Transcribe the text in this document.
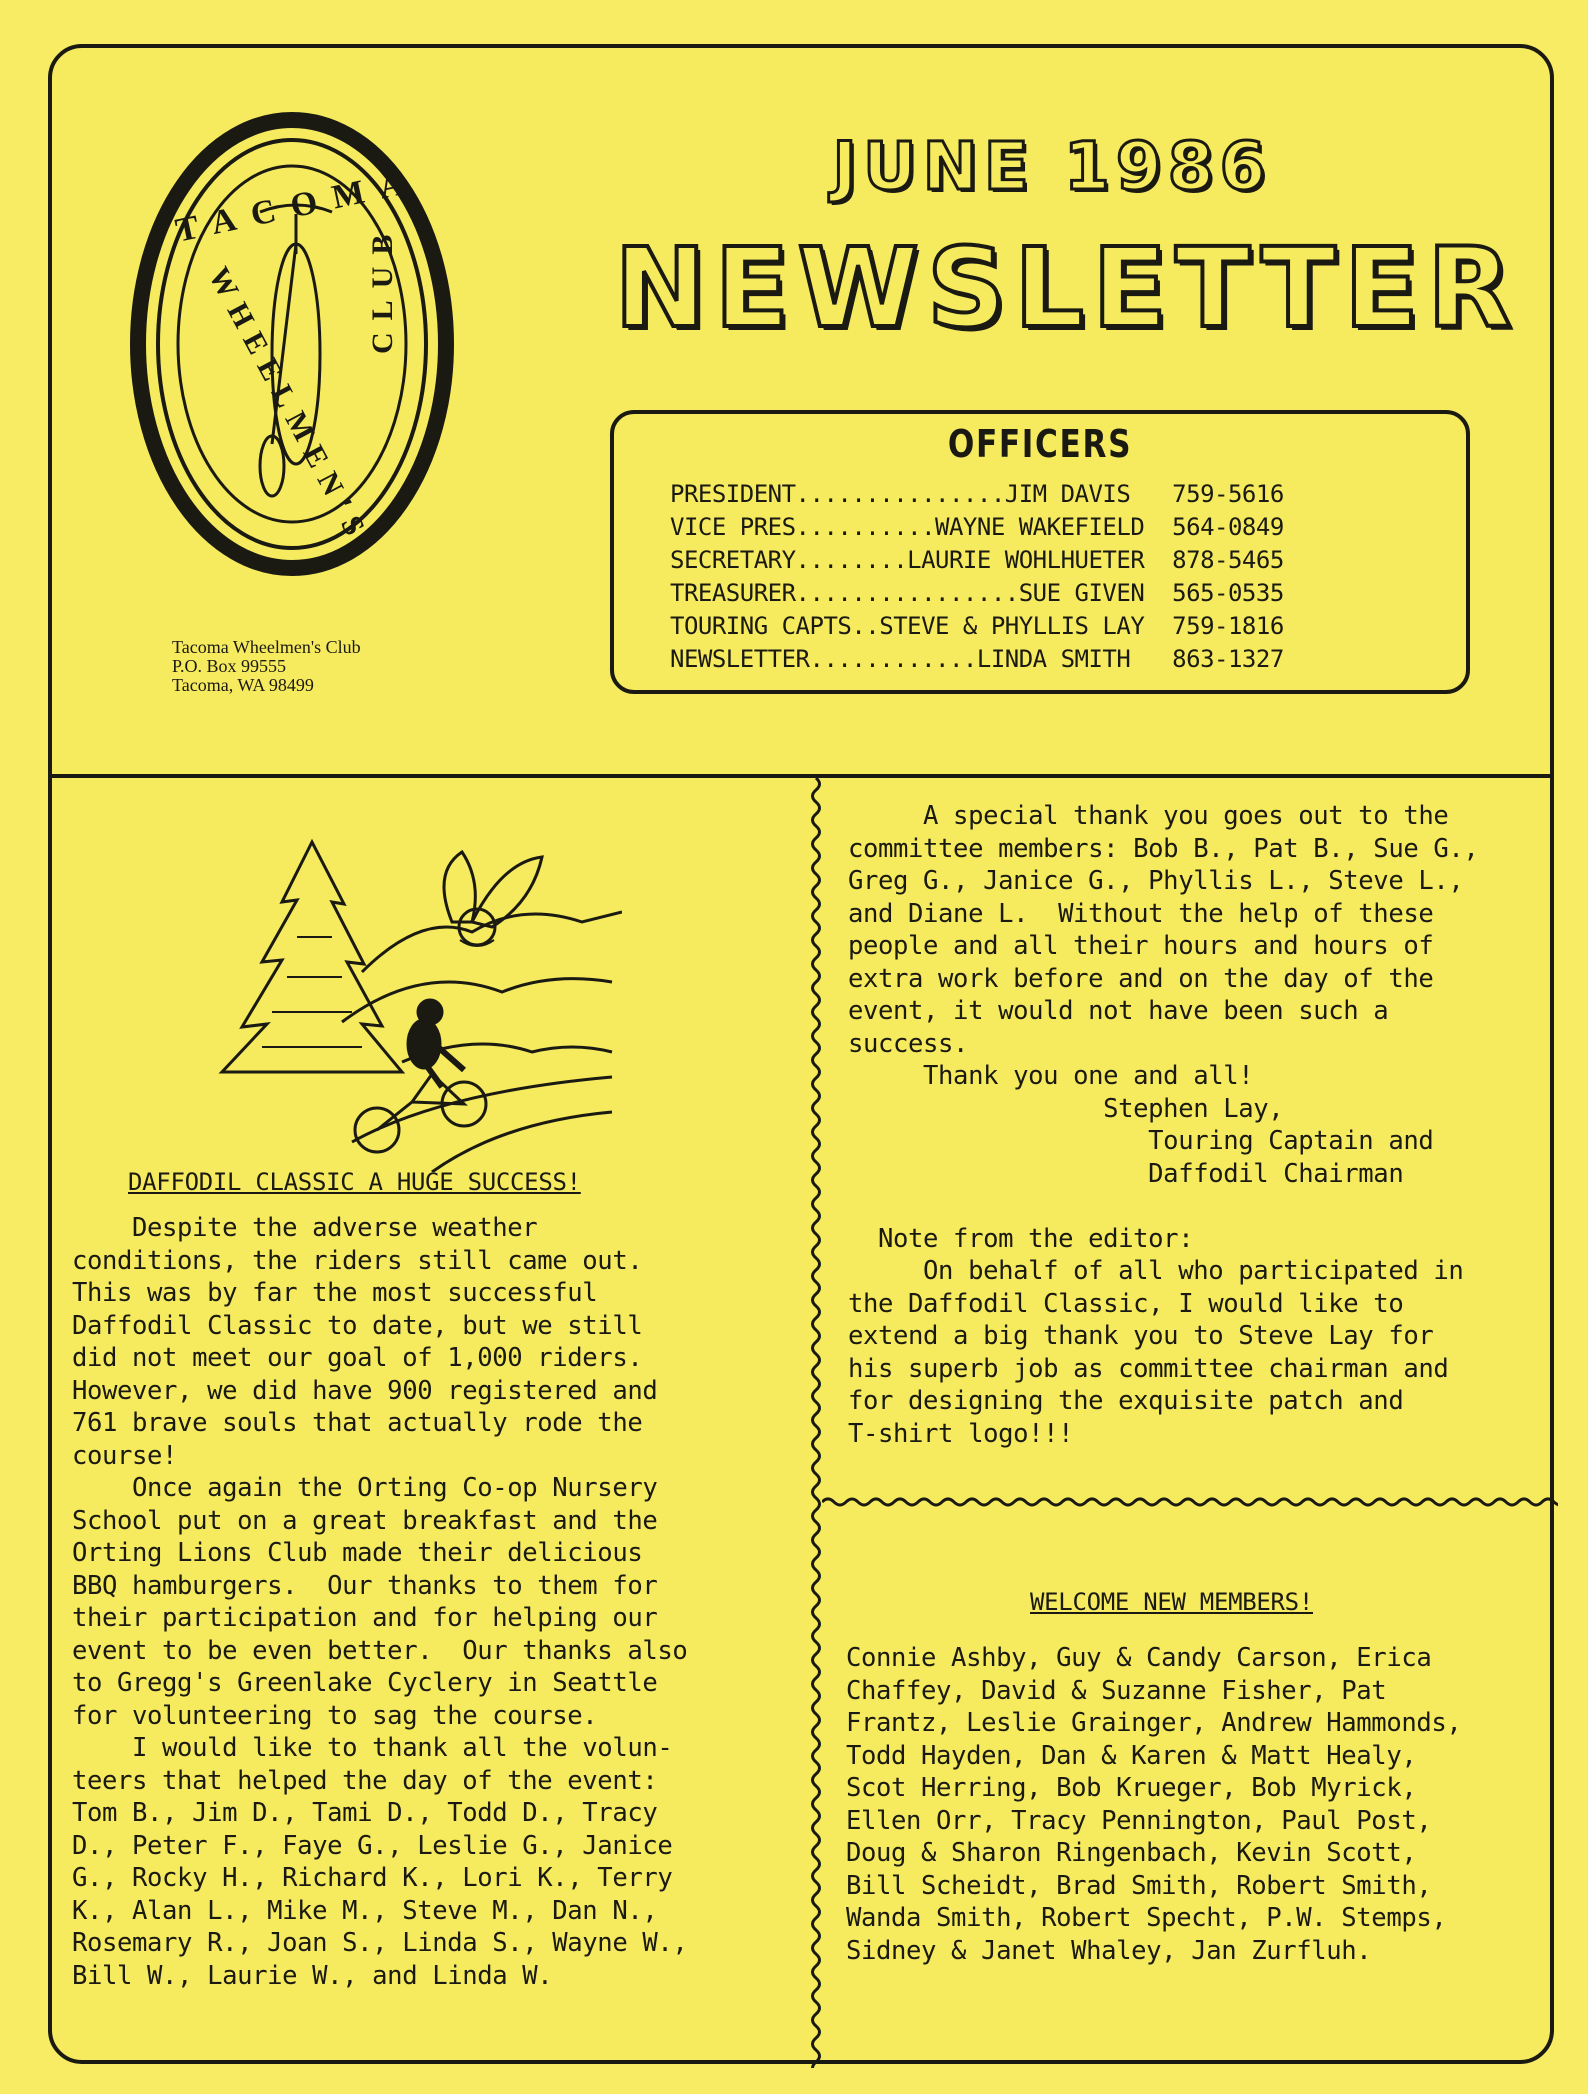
TACOMA
WHEELMEN'S
CLUB
Tacoma Wheelmen's Club
P.O. Box 99555
Tacoma, WA 98499
JUNE 1986
NEWSLETTER
OFFICERS
PRESIDENT...............JIM DAVIS   759-5616
VICE PRES..........WAYNE WAKEFIELD  564-0849
SECRETARY........LAURIE WOHLHUETER  878-5465
TREASURER................SUE GIVEN  565-0535
TOURING CAPTS..STEVE & PHYLLIS LAY  759-1816
NEWSLETTER............LINDA SMITH   863-1327
DAFFODIL CLASSIC A HUGE SUCCESS!
Despite the adverse weather
conditions, the riders still came out.
This was by far the most successful
Daffodil Classic to date, but we still
did not meet our goal of 1,000 riders.
However, we did have 900 registered and
761 brave souls that actually rode the
course!
Once again the Orting Co-op Nursery
School put on a great breakfast and the
Orting Lions Club made their delicious
BBQ hamburgers.  Our thanks to them for
their participation and for helping our
event to be even better.  Our thanks also
to Gregg's Greenlake Cyclery in Seattle
for volunteering to sag the course.
I would like to thank all the volun-
teers that helped the day of the event:
Tom B., Jim D., Tami D., Todd D., Tracy
D., Peter F., Faye G., Leslie G., Janice
G., Rocky H., Richard K., Lori K., Terry
K., Alan L., Mike M., Steve M., Dan N.,
Rosemary R., Joan S., Linda S., Wayne W.,
Bill W., Laurie W., and Linda W.
A special thank you goes out to the
committee members: Bob B., Pat B., Sue G.,
Greg G., Janice G., Phyllis L., Steve L.,
and Diane L.  Without the help of these
people and all their hours and hours of
extra work before and on the day of the
event, it would not have been such a
success.
Thank you one and all!
Stephen Lay,
Touring Captain and
Daffodil Chairman
Note from the editor:
On behalf of all who participated in
the Daffodil Classic, I would like to
extend a big thank you to Steve Lay for
his superb job as committee chairman and
for designing the exquisite patch and
T-shirt logo!!!
WELCOME NEW MEMBERS!
Connie Ashby, Guy & Candy Carson, Erica
Chaffey, David & Suzanne Fisher, Pat
Frantz, Leslie Grainger, Andrew Hammonds,
Todd Hayden, Dan & Karen & Matt Healy,
Scot Herring, Bob Krueger, Bob Myrick,
Ellen Orr, Tracy Pennington, Paul Post,
Doug & Sharon Ringenbach, Kevin Scott,
Bill Scheidt, Brad Smith, Robert Smith,
Wanda Smith, Robert Specht, P.W. Stemps,
Sidney & Janet Whaley, Jan Zurfluh.
